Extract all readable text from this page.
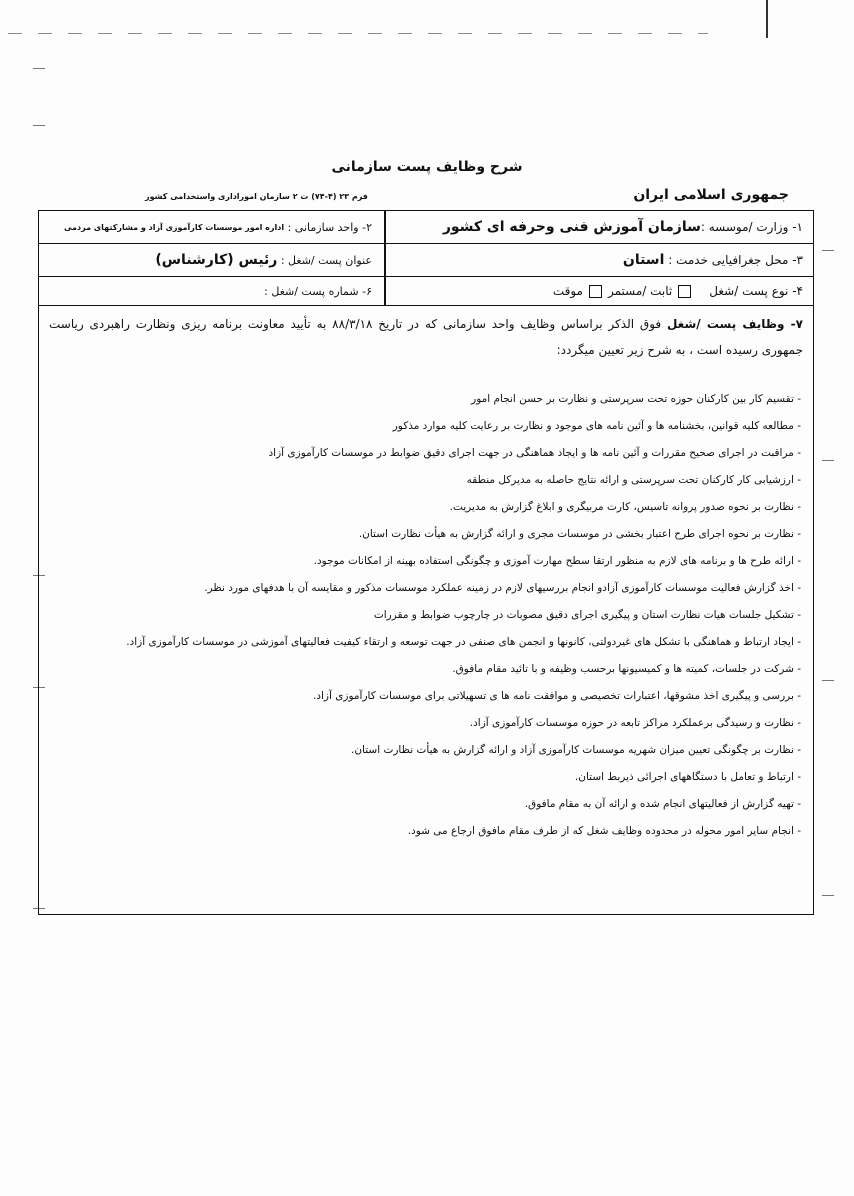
شرح وظایف پست سازمانی
جمهوری اسلامی ایران
فرم ۲۳ (۴-۷۴) ت ۲ سازمان اموراداری واستخدامی کشور
۱- وزارت /موسسه :
سازمان آموزش فنی وحرفه ای کشور
۲- واحد سازمانی :

اداره امور موسسات کارآموزی آزاد و مشارکتهای مردمی
۳- محل جغرافیایی خدمت :

استان
عنوان پست /شغل :

رئیس (کارشناس)
۴- نوع پست /شغل
ثابت /مستمر
موقت
۶- شماره پست /شغل :
۷- وظایف پست /شغل فوق الذکر براساس وظایف واحد سازمانی که در تاریخ ۸۸/۳/۱۸ به تأیید معاونت برنامه ریزی ونظارت راهبردی ریاست جمهوری رسیده است ، به شرح زیر تعیین میگردد:
- تقسیم کار بین کارکنان حوزه تحت سرپرستی و نظارت بر حسن انجام امور
- مطالعه کلیه قوانین، بخشنامه ها و آئین نامه های موجود و نظارت بر رعایت کلیه موارد مذکور
- مراقبت در اجرای صحیح مقررات و آئین نامه ها و ایجاد هماهنگی در جهت اجرای دقیق ضوابط در موسسات کارآموزی آزاد
- ارزشیابی کار کارکنان تحت سرپرستی و ارائه نتایج حاصله به مدیرکل منطقه
- نظارت بر نحوه صدور پروانه تاسیس، کارت مربیگری و ابلاغ گزارش به مدیریت.
- نظارت بر نحوه اجرای طرح اعتبار بخشی در موسسات مجری و ارائه گزارش به هیأت نظارت استان.
- ارائه طرح ها و برنامه های لازم به منظور ارتقا سطح مهارت آموزی و چگونگی استفاده بهینه از امکانات موجود.
- اخذ گزارش فعالیت موسسات کارآموزی آزادو انجام بررسیهای لازم در زمینه عملکرد موسسات مذکور و مقایسه آن با هدفهای مورد نظر.
- تشکیل جلسات هیات نظارت استان و پیگیری اجرای دقیق مصوبات در چارچوب ضوابط و مقررات
- ایجاد ارتباط و هماهنگی با تشکل های غیردولتی، کانونها و انجمن های صنفی در جهت توسعه و ارتقاء کیفیت فعالیتهای آموزشی در موسسات کارآموزی آزاد.
- شرکت در جلسات، کمیته ها و کمیسیونها برحسب وظیفه و با تائید مقام مافوق.
- بررسی و پیگیری اخذ مشوقها، اعتبارات تخصیصی و موافقت نامه ها ی تسهیلاتی برای موسسات کارآموزی آزاد.
- نظارت و رسیدگی برعملکرد مراکز تابعه در حوزه موسسات کارآموزی آزاد.
- نظارت بر چگونگی تعیین میزان شهریه موسسات کارآموزی آزاد و ارائه گزارش به هیأت نظارت استان.
- ارتباط و تعامل با دستگاههای اجرائی ذیربط استان.
- تهیه گزارش از فعالیتهای انجام شده و ارائه آن به مقام مافوق.
- انجام سایر امور محوله در محدوده وظایف شغل که از طرف مقام مافوق ارجاع می شود.
